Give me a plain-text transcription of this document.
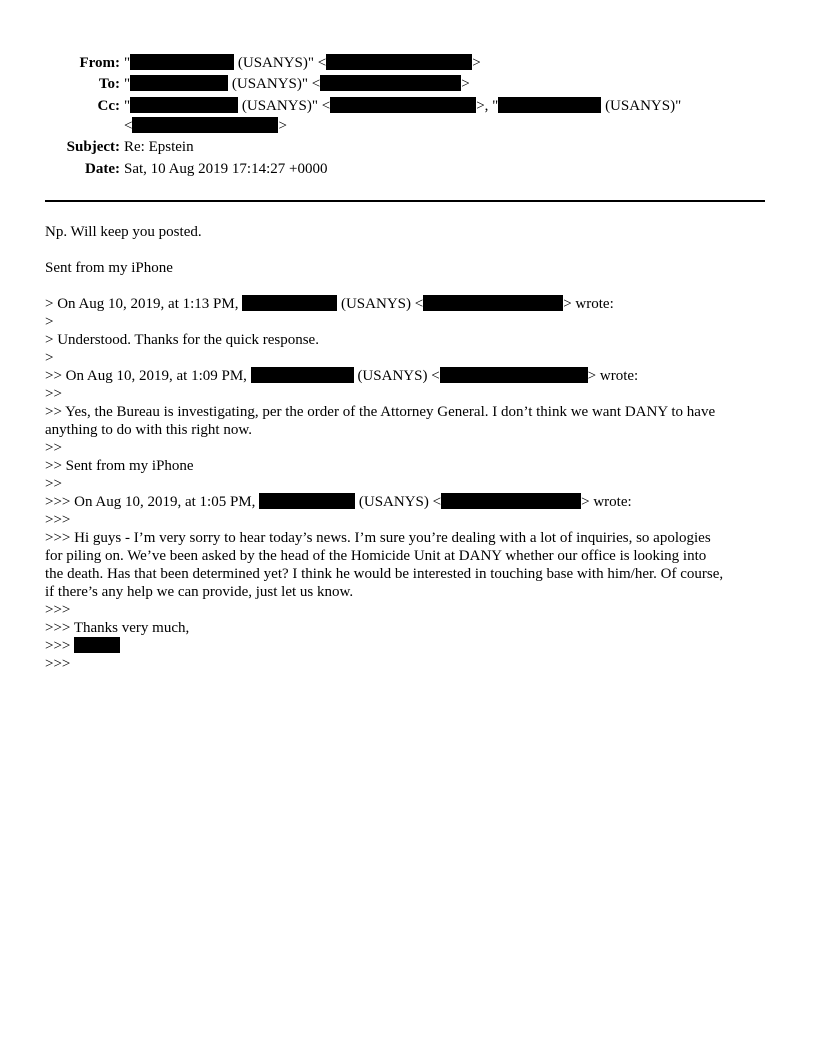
From: "	(USANYS)" <	>
To: "	(USANYS)" <	>
Cc: "	(USANYS)" <	>, "	(USANYS)"
<	>
Subject: Re: Epstein
Date: Sat, 10 Aug 2019 17:14:27 +0000
Np. Will keep you posted.
Sent from my iPhone
> On Aug 10, 2019, at 1:13 PM,	(USANYS) <	> wrote:
>
> Understood. Thanks for the quick response.
>
>> On Aug 10, 2019, at 1:09 PM,	(USANYS) <	> wrote:
>>
>> Yes, the Bureau is investigating, per the order of the Attorney General. I don’t think we want DANY to have
anything to do with this right now.
>>
>> Sent from my iPhone
>>
>>> On Aug 10, 2019, at 1:05 PM,	(USANYS) <	> wrote:
>>>
>>> Hi guys - I’m very sorry to hear today’s news. I’m sure you’re dealing with a lot of inquiries, so apologies
for piling on. We’ve been asked by the head of the Homicide Unit at DANY whether our office is looking into
the death. Has that been determined yet? I think he would be interested in touching base with him/her. Of course,
if there’s any help we can provide, just let us know.
>>>
>>> Thanks very much,
>>>
>>>
